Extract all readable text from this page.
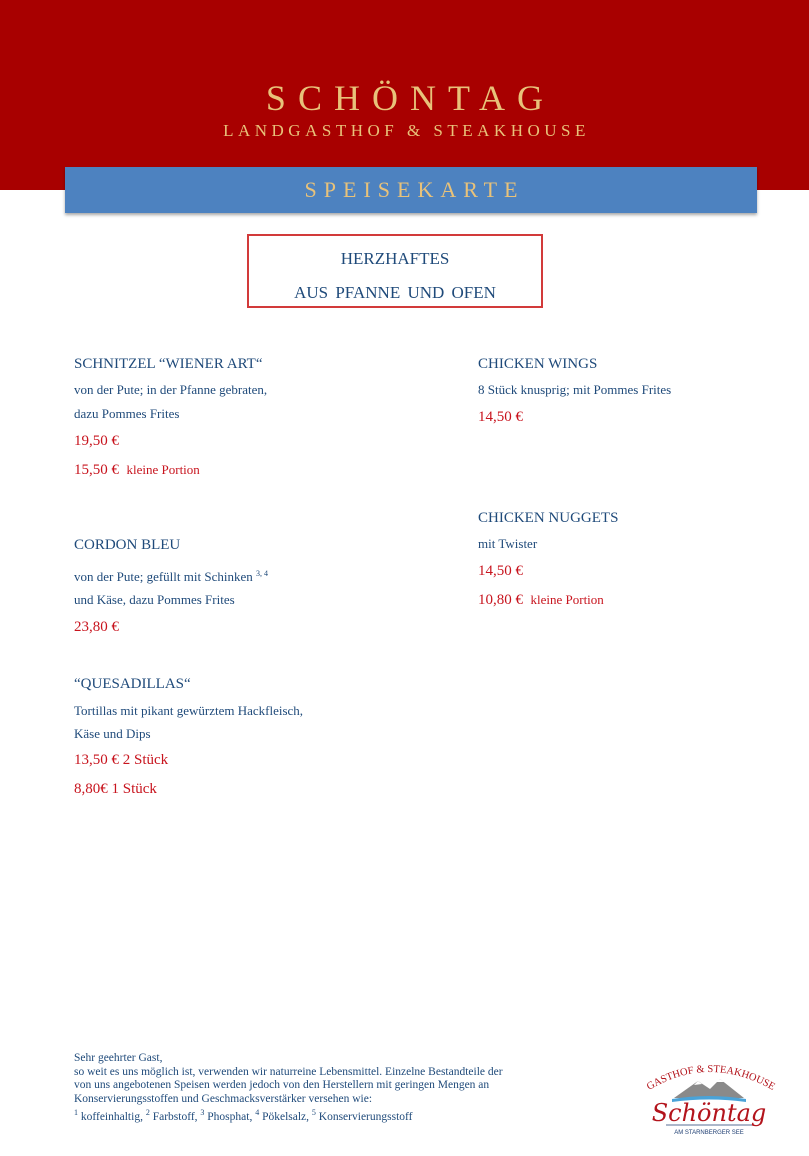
SCHÖNTAG
LANDGASTHOF & STEAKHOUSE
SPEISEKARTE
HERZHAFTES
AUS PFANNE UND OFEN
SCHNITZEL “WIENER ART“
von der Pute; in der Pfanne gebraten,
dazu Pommes Frites
19,50 €
15,50 € kleine Portion
CORDON BLEU
von der Pute; gefüllt mit Schinken $^{3, 4}$
und Käse, dazu Pommes Frites
23,80 €
“QUESADILLAS“
Tortillas mit pikant gewürztem Hackfleisch,
Käse und Dips
13,50 € 2 Stück
8,80€ 1 Stück
CHICKEN WINGS
8 Stück knusprig; mit Pommes Frites
14,50 €
CHICKEN NUGGETS
mit Twister
14,50 €
10,80 € kleine Portion
Sehr geehrter Gast,
so weit es uns möglich ist, verwenden wir naturreine Lebensmittel. Einzelne Bestandteile der
von uns angebotenen Speisen werden jedoch von den Herstellern mit geringen Mengen an
Konservierungsstoffen und Geschmacksverstärker versehen wie:
$^1$ koffeinhaltig, $^2$ Farbstoff, $^3$ Phosphat, $^4$ Pökelsalz, $^5$ Konservierungsstoff
GASTHOF & STEAKHOUSE
Schöntag
AM STARNBERGER SEE
